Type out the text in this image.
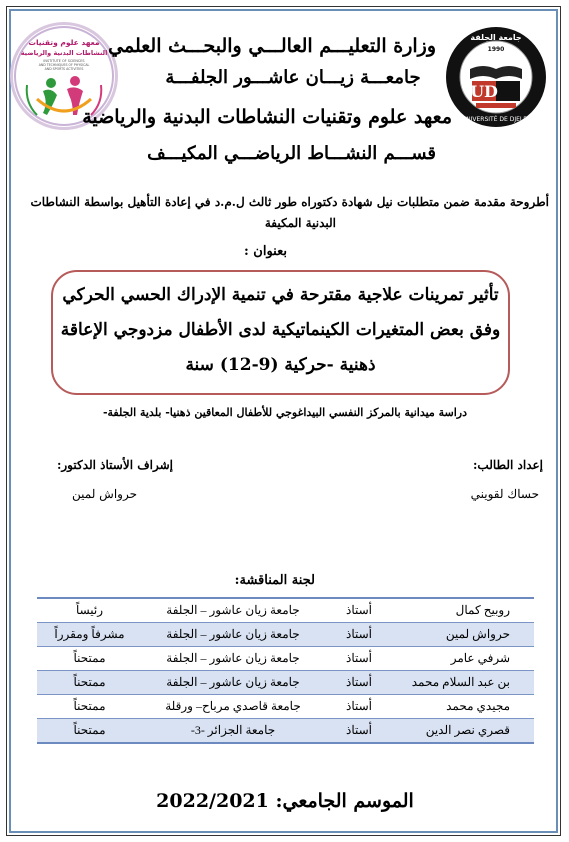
معهد علوم وتقنيات
النشاطات البدنية والرياضية
INSTITUTE OF SCIENCES
AND TECHNIQUES OF PHYSICAL
AND SPORTS ACTIVITIES
جامعة الجلفة
UNIVERSITÉ DE DJELFA
1990
UD
وزارة التعليـــم العالـــي والبحـــث العلمي
جامعـــة زيـــان عاشـــور الجلفـــة
معهد علوم وتقنيات النشاطات البدنية والرياضية
قســـم النشـــاط الرياضـــي المكيـــف
أطروحة مقدمة ضمن متطلبات نيل شهادة دكتوراه طور ثالث ل.م.د في إعادة التأهيل بواسطة النشاطات
البدنية المكيفة
بعنوان :
تأثير تمرينات علاجية مقترحة في تنمية الإدراك الحسي الحركي
وفق بعض المتغيرات الكينماتيكية لدى الأطفال مزدوجي الإعاقة
ذهنية -حركية (9-12) سنة
دراسة ميدانية بالمركز النفسي البيداغوجي للأطفال المعاقين ذهنيا- بلدية الجلفة-
إعداد الطالب:
حساك لقويني
إشراف الأستاذ الدكتور:
حرواش لمين
لجنة المناقشة:
روبيح كمال	أستاذ	جامعة زيان عاشور – الجلفة	رئيساً
حرواش لمين	أستاذ	جامعة زيان عاشور – الجلفة	مشرفاً ومقرراً
شرفي عامر	أستاذ	جامعة زيان عاشور – الجلفة	ممتحناً
بن عبد السلام محمد	أستاذ	جامعة زيان عاشور – الجلفة	ممتحناً
مجيدي محمد	أستاذ	جامعة قاصدي مرباح– ورقلة	ممتحناً
قصري نصر الدين	أستاذ	جامعة الجزائر -3-	ممتحناً
الموسم الجامعي: 2022/2021
